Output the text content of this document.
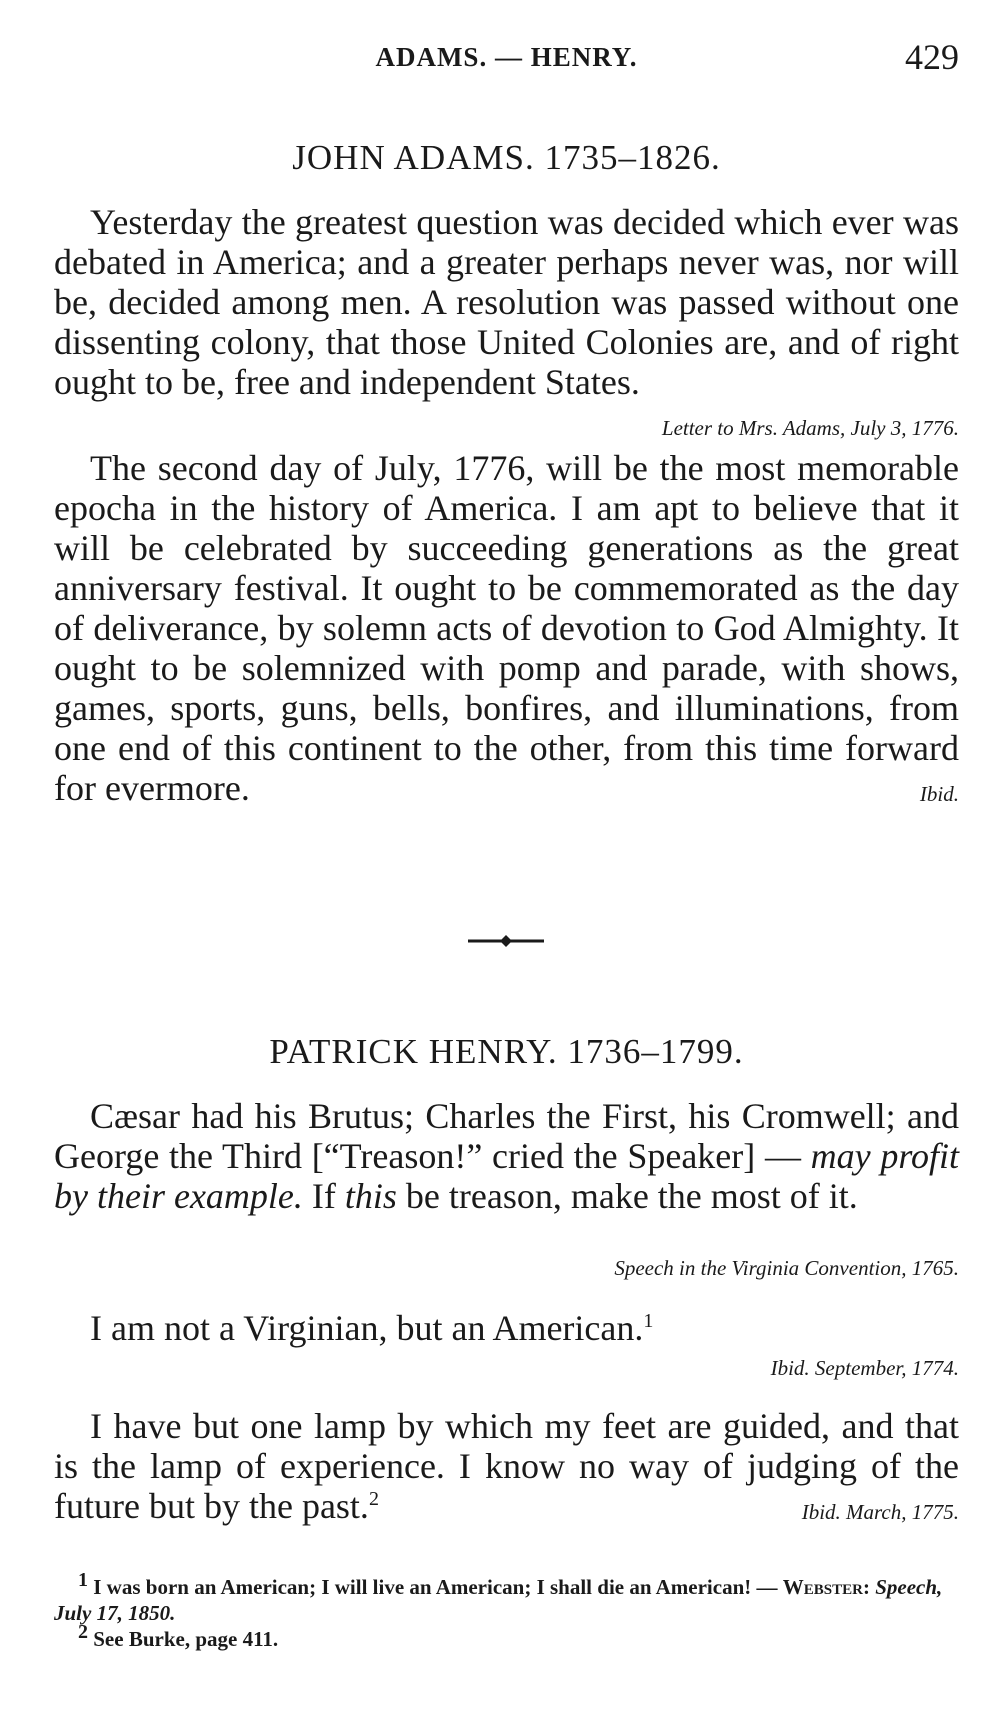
ADAMS. — HENRY.	429
JOHN ADAMS. 1735–1826.

Yesterday the greatest question was decided which ever was debated in America; and a greater perhaps never was, nor will be, decided among men. A resolution was passed without one dissenting colony, that those United Colonies are, and of right ought to be, free and independent States.
Letter to Mrs. Adams, July 3, 1776.

The second day of July, 1776, will be the most memorable epocha in the history of America. I am apt to believe that it will be celebrated by succeeding generations as the great anniversary festival. It ought to be commemorated as the day of deliverance, by solemn acts of devotion to God Almighty. It ought to be solemnized with pomp and parade, with shows, games, sports, guns, bells, bonfires, and illuminations, from one end of this continent to the other, from this time forward for evermore.	Ibid.

PATRICK HENRY. 1736–1799.

Cæsar had his Brutus; Charles the First, his Cromwell; and George the Third [“Treason!” cried the Speaker] — may profit by their example. If this be treason, make the most of it.

Speech in the Virginia Convention, 1765.

I am not a Virginian, but an American.$^1$

Ibid. September, 1774.

I have but one lamp by which my feet are guided, and that is the lamp of experience. I know no way of judging of the future but by the past.$^2$
Ibid. March, 1775.

$^1$ I was born an American; I will live an American; I shall die an American! — Webster: Speech, July 17, 1850.

$^2$ See Burke, page 411.
